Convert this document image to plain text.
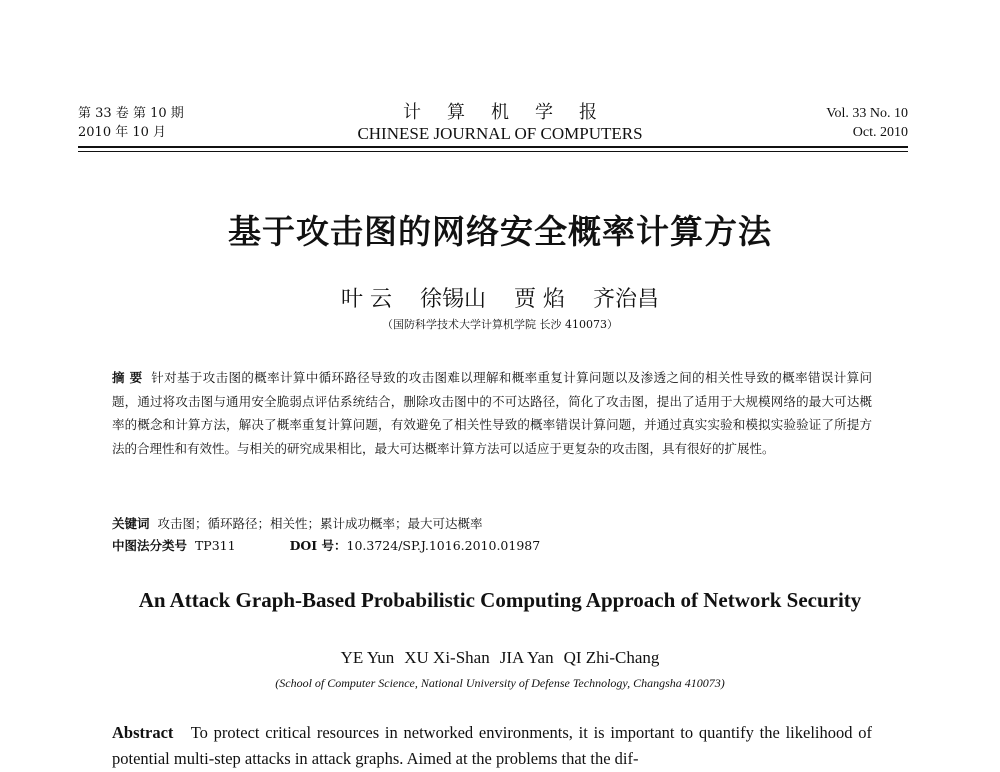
第 33 卷 第 10 期
2010 年 10 月
计算机学报
CHINESE JOURNAL OF COMPUTERS
Vol. 33 No. 10
Oct. 2010
基于攻击图的网络安全概率计算方法
叶 云 徐锡山 贾 焰 齐治昌
（国防科学技术大学计算机学院 长沙 410073）
摘 要 针对基于攻击图的概率计算中循环路径导致的攻击图难以理解和概率重复计算问题以及渗透之间的相关性导致的概率错误计算问题，通过将攻击图与通用安全脆弱点评估系统结合，删除攻击图中的不可达路径，简化了攻击图，提出了适用于大规模网络的最大可达概率的概念和计算方法，解决了概率重复计算问题，有效避免了相关性导致的概率错误计算问题，并通过真实实验和模拟实验验证了所提方法的合理性和有效性。与相关的研究成果相比，最大可达概率计算方法可以适应于更复杂的攻击图，具有很好的扩展性。
关键词 攻击图；循环路径；相关性；累计成功概率；最大可达概率
中图法分类号 TP311	DOI 号：10.3724/SP.J.1016.2010.01987
An Attack Graph-Based Probabilistic Computing Approach of Network Security
YE Yun XU Xi-Shan JIA Yan QI Zhi-Chang
(School of Computer Science, National University of Defense Technology, Changsha 410073)
Abstract To protect critical resources in networked environments, it is important to quantify the likelihood of potential multi-step attacks in attack graphs. Aimed at the problems that the dif-
